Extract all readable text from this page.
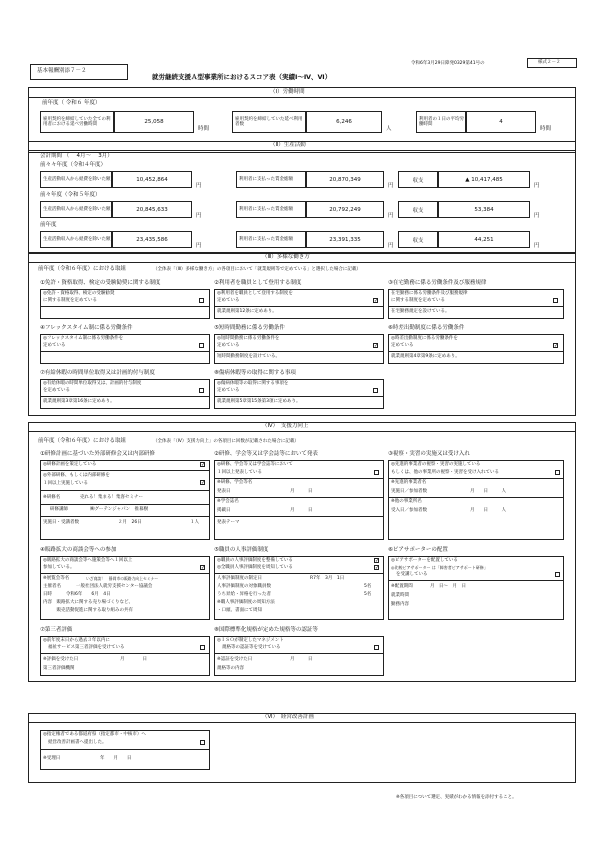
基本報酬別添７－２
令和6年3月29日障発0329第41号の	様式２－２
就労継続支援Ａ型事業所におけるスコア表（実績Ⅰ～Ⅳ、Ⅵ）
（Ⅰ）労働時間
前年度（ 令和６ 年度）
雇用契約を締結していた全ての利用者における延べ労働時間	25,058
時間
雇用契約を締結していた延べ利用者数	6,246
人
利用者の１日の平均労働時間	4
時間
（Ⅱ）生産活動
会計期間 （　 4月～　 3月）
前々々年度（令和４年度）
生産活動収入から経費を除いた額	10,452,864
円
利用者に支払った賃金総額	20,870,349
円
収支	▲ 10,417,485
円
前々年度（令和５年度）
生産活動収入から経費を除いた額	20,845,633
円
利用者に支払った賃金総額	20,792,249
円
収支	53,384
円
前年度
生産活動収入から経費を除いた額	23,435,586
円
利用者に支払った賃金総額	23,391,335
円
収支	44,251
円
（Ⅲ）多様な働き方
前年度（令和６年度）における取組	（全体表「（Ⅲ）多様な働き方」の各項目において「就業規則等で定めている」と選択した場合に記載）
①免許・資格取得、検定の受験勧奨に関する制度
◎免許・資格取得、検定の受験勧奨
に関する制度を定めている
②利用者を職員として登用する制度
◎利用者を職員として登用する制度を
定めている	✓
就業規則第12条に定めあり。
③在宅勤務に係る労働条件及び服務規律
在宅勤務に係る労働条件及び服務規律
に関する制度を定めている
在宅勤務規定を設けている。
④フレックスタイム制に係る労働条件
◎フレックスタイム制に係る労働条件を
定めている
⑤短時間勤務に係る労働条件
◎短時間勤務に係る労働条件を
定めている	✓
短時間勤務制度を設けている。
⑥時差出勤制度に係る労働条件
◎時差出勤制度に係る労働条件を
定めている	✓
就業規則第4章第9条に定めあり。
⑦有給休暇の時間単位取得又は計画的付与制度
◎有給休暇の時間単位取得又は、計画的付与制度
を定めている
就業規則第3章第16条に定めあり。
⑧傷病休暇等の取得に関する事項
◎傷病休暇等の取得に関する事項を
定めている
就業規則第5章第15条第3項に定めあり。
（Ⅳ）　支援力向上
前年度（令和６年度）における取組	（全体表「（Ⅳ）支援力向上」の各項目に回数が記載された場合に記載）
①研修計画に基づいた外部研修会又は内部研修
◎研修計画を策定している	✓
◎外部研修、もしくは内部研修を
１回以上実施している	✓
※研修名	売れる！集まる！集客セミナー
研修講師	㈱グーテンジャパン　推募樹
実施日・受講者数	２月　26日	１人
②研修、学会等又は学会誌等において発表
◎研修、学会等又は学会誌等において
１回以上発表している
※研修、学会等名
発表日	月　　　日
※学会誌名
掲載日	月　　　日
発表テーマ
③視察・実習の実施又は受け入れ
◎先進的事業者の視察・実習の実施している
もしくは、他の事業所の視察・実習を受け入れている
※先進的事業者名
実施日／参加者数	月　　日　　　人
※他の事業所名
受入日／参加者数	月　　日　　　人
④販路拡大の商談会等への参加
◎販路拡大の商談会等へ施策会等へ１回以上
参加している。	✓
※展覧会等名	いざ商談！　静岡市の販路力向上セミナー
主催者名	一般社団法人就労支援センター協議会
日時	令和6年　　6月　4日
内容　販路拡大に関する売り場づくりなど、
　　　販売活動促進に関する取り組みの共有
⑤職員の人事評価制度
◎職員の人事評価制度を整備している	✓
◎全職員人事評価制度を周知している	✓
人事評価制度の制定日	R7年　3月　1日
人事評価制度の対象職員数	5名
うち昇給・昇格を行った者	5名
※職人事評価制度の周知方法
・口頭、書面にて周知
⑥ピアサポーターの配置
◎ピアサポーターを配置している
◎比較ピアサポーター は「障害者ピアサポート研修」
を受講している
※配置期間	月　日～　月　日
就業時間
勤務内容
⑦第三者評価
◎前年度末日から過去３年以内に
福祉サービス第三者評価を受けている
※評価を受けた日	月　　　　日
第三者評価機関
⑧国際標準化規格が定めた規格等の認証等
◎ＩＳＯが制定したマネジメント
規格等の認証等を受けている
※認証を受けた日	月　　　日
規格等の内容
（Ⅵ）　経営改善計画
◎指定権者である都道府県（指定都市・中核市）へ
経営改善計画書へ提出した。
※受理日	年　　月　　日
※各項目について選定、実績がわかる情報を添付すること。
